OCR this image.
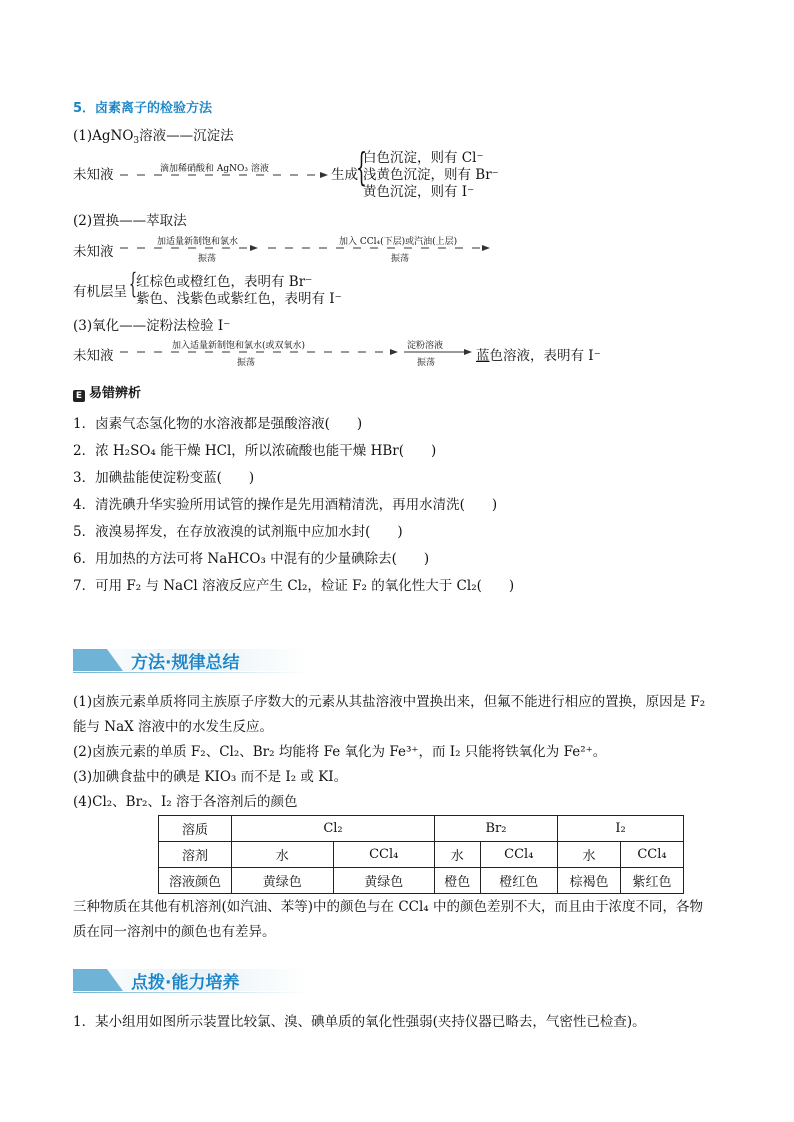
5．卤素离子的检验方法
(1)AgNO$_3$溶液——沉淀法
未知液	滴加稀硝酸和 AgNO₃ 溶液	生成
{
白色沉淀，则有 Cl⁻
浅黄色沉淀，则有 Br⁻
黄色沉淀，则有 I⁻
(2)置换——萃取法
未知液
加适量新制饱和氯水
振荡
加入 CCl₄(下层)或汽油(上层)
振荡
有机层呈 {
红棕色或橙红色，表明有 Br⁻
紫色、浅紫色或紫红色，表明有 I⁻
(3)氧化——淀粉法检验 I⁻
未知液
加入适量新制饱和氯水(或双氧水)
振荡
淀粉溶液
振荡	蓝色溶液，表明有 I⁻
E 易错辨析
1．卤素气态氢化物的水溶液都是强酸溶液(　　)
2．浓 H₂SO₄ 能干燥 HCl，所以浓硫酸也能干燥 HBr(　　)
3．加碘盐能使淀粉变蓝(　　)
4．清洗碘升华实验所用试管的操作是先用酒精清洗，再用水清洗(　　)
5．液溴易挥发，在存放液溴的试剂瓶中应加水封(　　)
6．用加热的方法可将 NaHCO₃ 中混有的少量碘除去(　　)
7．可用 F₂ 与 NaCl 溶液反应产生 Cl₂，检证 F₂ 的氧化性大于 Cl₂(　　)
方法·规律总结
(1)卤族元素单质将同主族原子序数大的元素从其盐溶液中置换出来，但氟不能进行相应的置换，原因是 F₂
能与 NaX 溶液中的水发生反应。
(2)卤族元素的单质 F₂、Cl₂、Br₂ 均能将 Fe 氧化为 Fe³⁺，而 I₂ 只能将铁氧化为 Fe²⁺。
(3)加碘食盐中的碘是 KIO₃ 而不是 I₂ 或 KI。
(4)Cl₂、Br₂、I₂ 溶于各溶剂后的颜色
溶质	Cl₂		Br₂		I₂	
溶剂	水	CCl₄	水	CCl₄	水	CCl₄
溶液颜色	黄绿色	黄绿色	橙色	橙红色	棕褐色	紫红色
三种物质在其他有机溶剂(如汽油、苯等)中的颜色与在 CCl₄ 中的颜色差别不大，而且由于浓度不同，各物
质在同一溶剂中的颜色也有差异。
点拨·能力培养
1．某小组用如图所示装置比较氯、溴、碘单质的氧化性强弱(夹持仪器已略去，气密性已检查)。
